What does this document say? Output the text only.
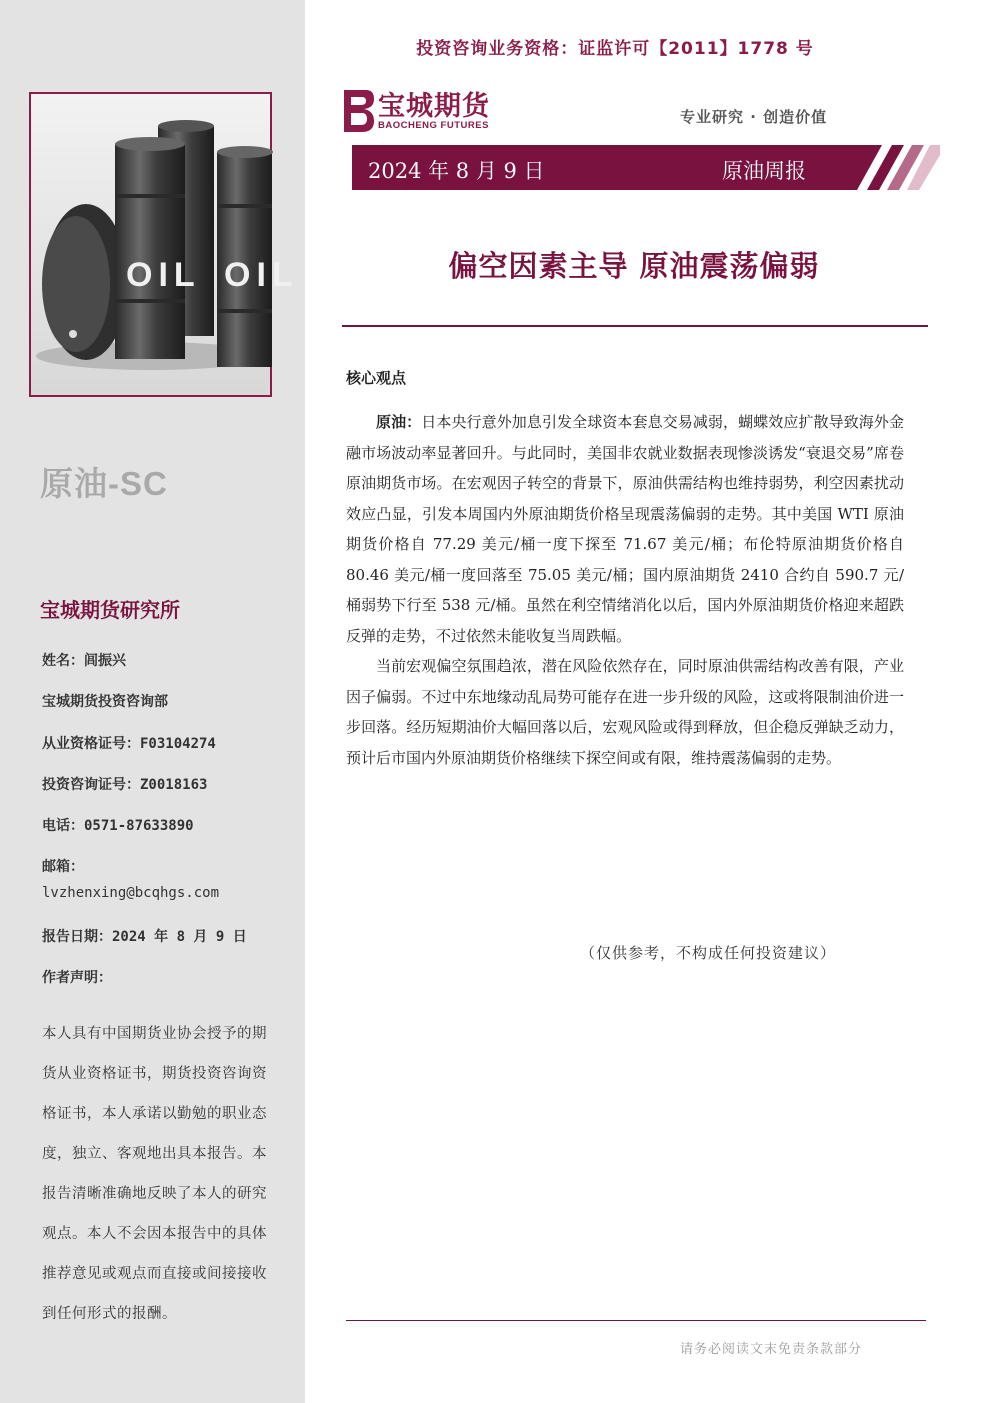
OIL OIL
原油-SC
宝城期货研究所
姓名：闾振兴
宝城期货投资咨询部
从业资格证号：F03104274
投资咨询证号：Z0018163
电话：0571-87633890
邮箱：
lvzhenxing@bcqhgs.com
报告日期：2024 年 8 月 9 日
作者声明：
本人具有中国期货业协会授予的期货从业资格证书，期货投资咨询资格证书，本人承诺以勤勉的职业态度，独立、客观地出具本报告。本报告清晰准确地反映了本人的研究观点。本人不会因本报告中的具体推荐意见或观点而直接或间接接收到任何形式的报酬。
投资咨询业务资格：证监许可【2011】1778 号
宝城期货
BAOCHENG FUTURES	专业研究 · 创造价值
2024 年 8 月 9 日	原油周报
偏空因素主导 原油震荡偏弱
核心观点

原油：日本央行意外加息引发全球资本套息交易减弱，蝴蝶效应扩散导致海外金融市场波动率显著回升。与此同时，美国非农就业数据表现惨淡诱发“衰退交易”席卷原油期货市场。在宏观因子转空的背景下，原油供需结构也维持弱势，利空因素扰动效应凸显，引发本周国内外原油期货价格呈现震荡偏弱的走势。其中美国 WTI 原油期货价格自 77.29 美元/桶一度下探至 71.67 美元/桶；布伦特原油期货价格自 80.46 美元/桶一度回落至 75.05 美元/桶；国内原油期货 2410 合约自 590.7 元/桶弱势下行至 538 元/桶。虽然在利空情绪消化以后，国内外原油期货价格迎来超跌反弹的走势，不过依然未能收复当周跌幅。

当前宏观偏空氛围趋浓，潜在风险依然存在，同时原油供需结构改善有限，产业因子偏弱。不过中东地缘动乱局势可能存在进一步升级的风险，这或将限制油价进一步回落。经历短期油价大幅回落以后，宏观风险或得到释放，但企稳反弹缺乏动力，预计后市国内外原油期货价格继续下探空间或有限，维持震荡偏弱的走势。

（仅供参考，不构成任何投资建议）
请务必阅读文末免责条款部分
